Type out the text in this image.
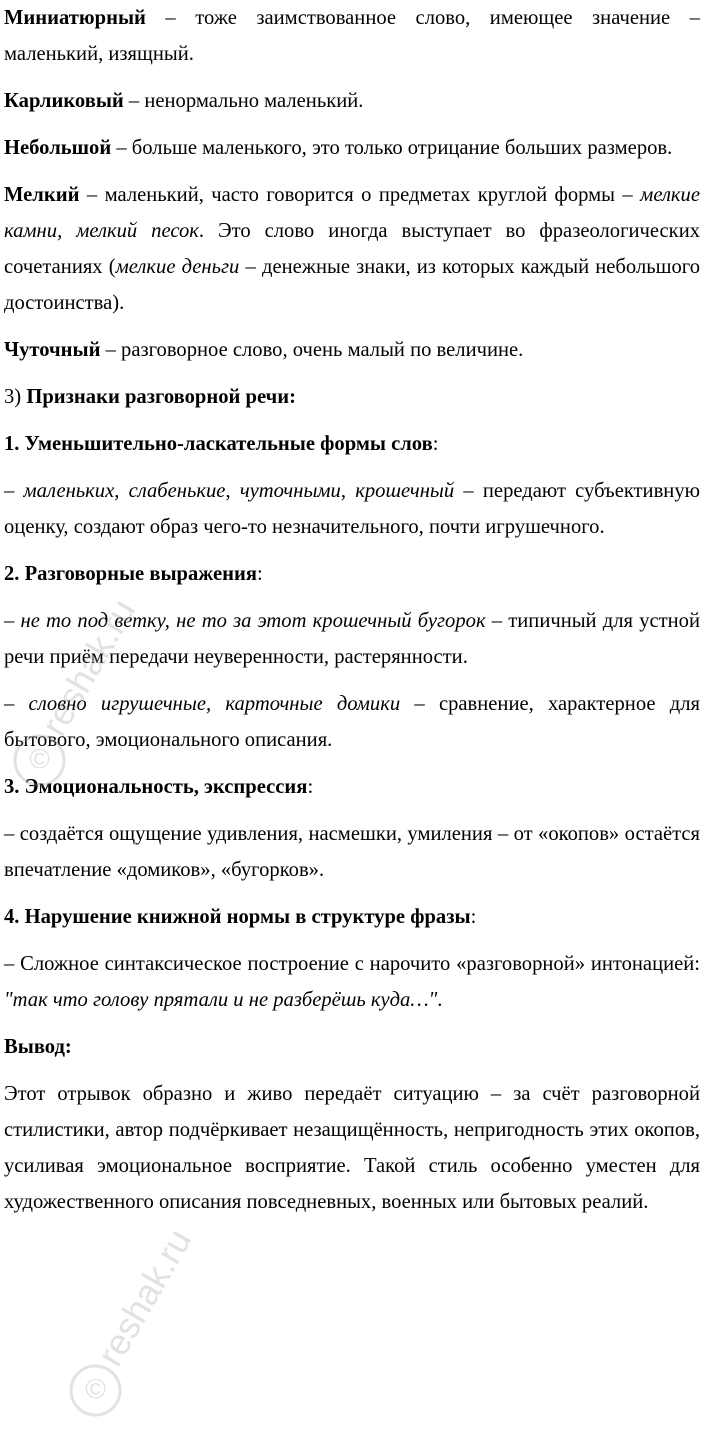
Миниатюрный – тоже заимствованное слово, имеющее значение – маленький, изящный.

Карликовый – ненормально маленький.

Небольшой – больше маленького, это только отрицание больших размеров.

Мелкий – маленький, часто говорится о предметах круглой формы – мелкие камни, мелкий песок. Это слово иногда выступает во фразеологических сочетаниях (мелкие деньги – денежные знаки, из которых каждый небольшого достоинства).

Чуточный – разговорное слово, очень малый по величине.

3) Признаки разговорной речи:

1. Уменьшительно-ласкательные формы слов:

– маленьких, слабенькие, чуточными, крошечный – передают субъективную оценку, создают образ чего-то незначительного, почти игрушечного.

2. Разговорные выражения:

– не то под ветку, не то за этот крошечный бугорок – типичный для устной речи приём передачи неуверенности, растерянности.

– словно игрушечные, карточные домики – сравнение, характерное для бытового, эмоционального описания.

3. Эмоциональность, экспрессия:

– создаётся ощущение удивления, насмешки, умиления – от «окопов» остаётся впечатление «домиков», «бугорков».

4. Нарушение книжной нормы в структуре фразы:

– Сложное синтаксическое построение с нарочито «разговорной» интонацией: "так что голову прятали и не разберёшь куда…".

Вывод:

Этот отрывок образно и живо передаёт ситуацию – за счёт разговорной стилистики, автор подчёркивает незащищённость, непригодность этих окопов, усиливая эмоциональное восприятие. Такой стиль особенно уместен для художественного описания повседневных, военных или бытовых реалий.

©reshak.ru
©reshak.ru
